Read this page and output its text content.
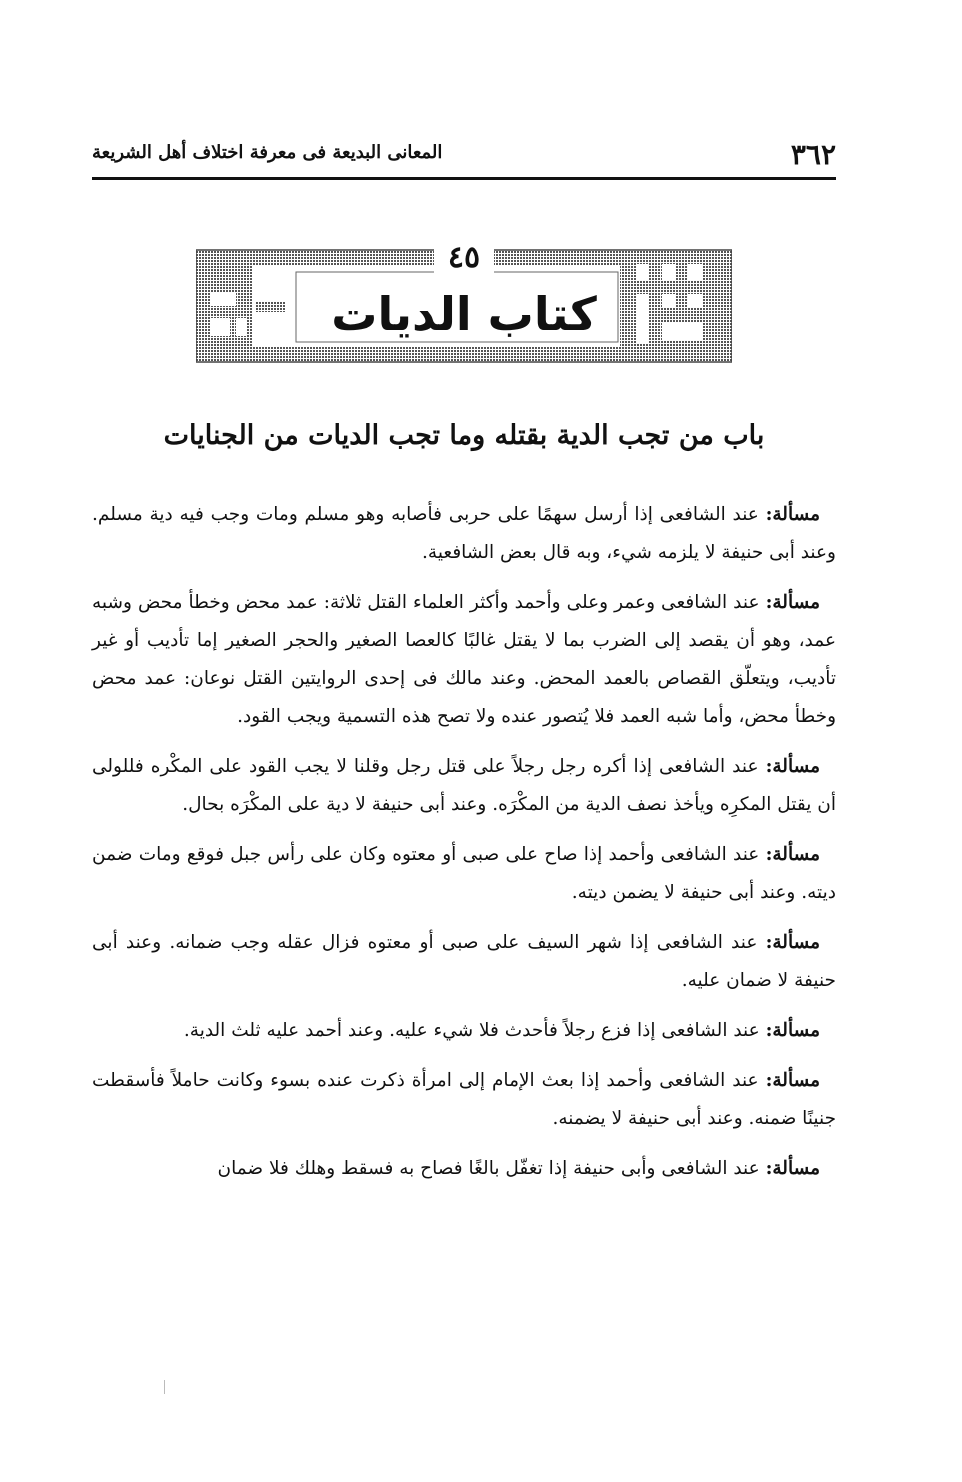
٣٦٢
المعانى البديعة فى معرفة اختلاف أهل الشريعة
٤٥
كتاب الديات
باب من تجب الدية بقتله وما تجب الديات من الجنايات

مسألة: عند الشافعى إذا أرسل سهمًا على حربى فأصابه وهو مسلم ومات وجب فيه دية مسلم. وعند أبى حنيفة لا يلزمه شيء، وبه قال بعض الشافعية.

مسألة: عند الشافعى وعمر وعلى وأحمد وأكثر العلماء القتل ثلاثة: عمد محض وخطأ محض وشبه عمد، وهو أن يقصد إلى الضرب بما لا يقتل غالبًا كالعصا الصغير والحجر الصغير إما تأديب أو غير تأديب، ويتعلّق القصاص بالعمد المحض. وعند مالك فى إحدى الروايتين القتل نوعان: عمد محض وخطأ محض، وأما شبه العمد فلا يُتصور عنده ولا تصح هذه التسمية ويجب القود.

مسألة: عند الشافعى إذا أكره رجل رجلاً على قتل رجل وقلنا لا يجب القود على المكْره فللولى أن يقتل المكرِه ويأخذ نصف الدية من المكْرَه. وعند أبى حنيفة لا دية على المكْرَه بحال.

مسألة: عند الشافعى وأحمد إذا صاح على صبى أو معتوه وكان على رأس جبل فوقع ومات ضمن ديته. وعند أبى حنيفة لا يضمن ديته.

مسألة: عند الشافعى إذا شهر السيف على صبى أو معتوه فزال عقله وجب ضمانه. وعند أبى حنيفة لا ضمان عليه.

مسألة: عند الشافعى إذا فزع رجلاً فأحدث فلا شيء عليه. وعند أحمد عليه ثلث الدية.

مسألة: عند الشافعى وأحمد إذا بعث الإمام إلى امرأة ذكرت عنده بسوء وكانت حاملاً فأسقطت جنينًا ضمنه. وعند أبى حنيفة لا يضمنه.

مسألة: عند الشافعى وأبى حنيفة إذا تغفّل بالغًا فصاح به فسقط وهلك فلا ضمان
